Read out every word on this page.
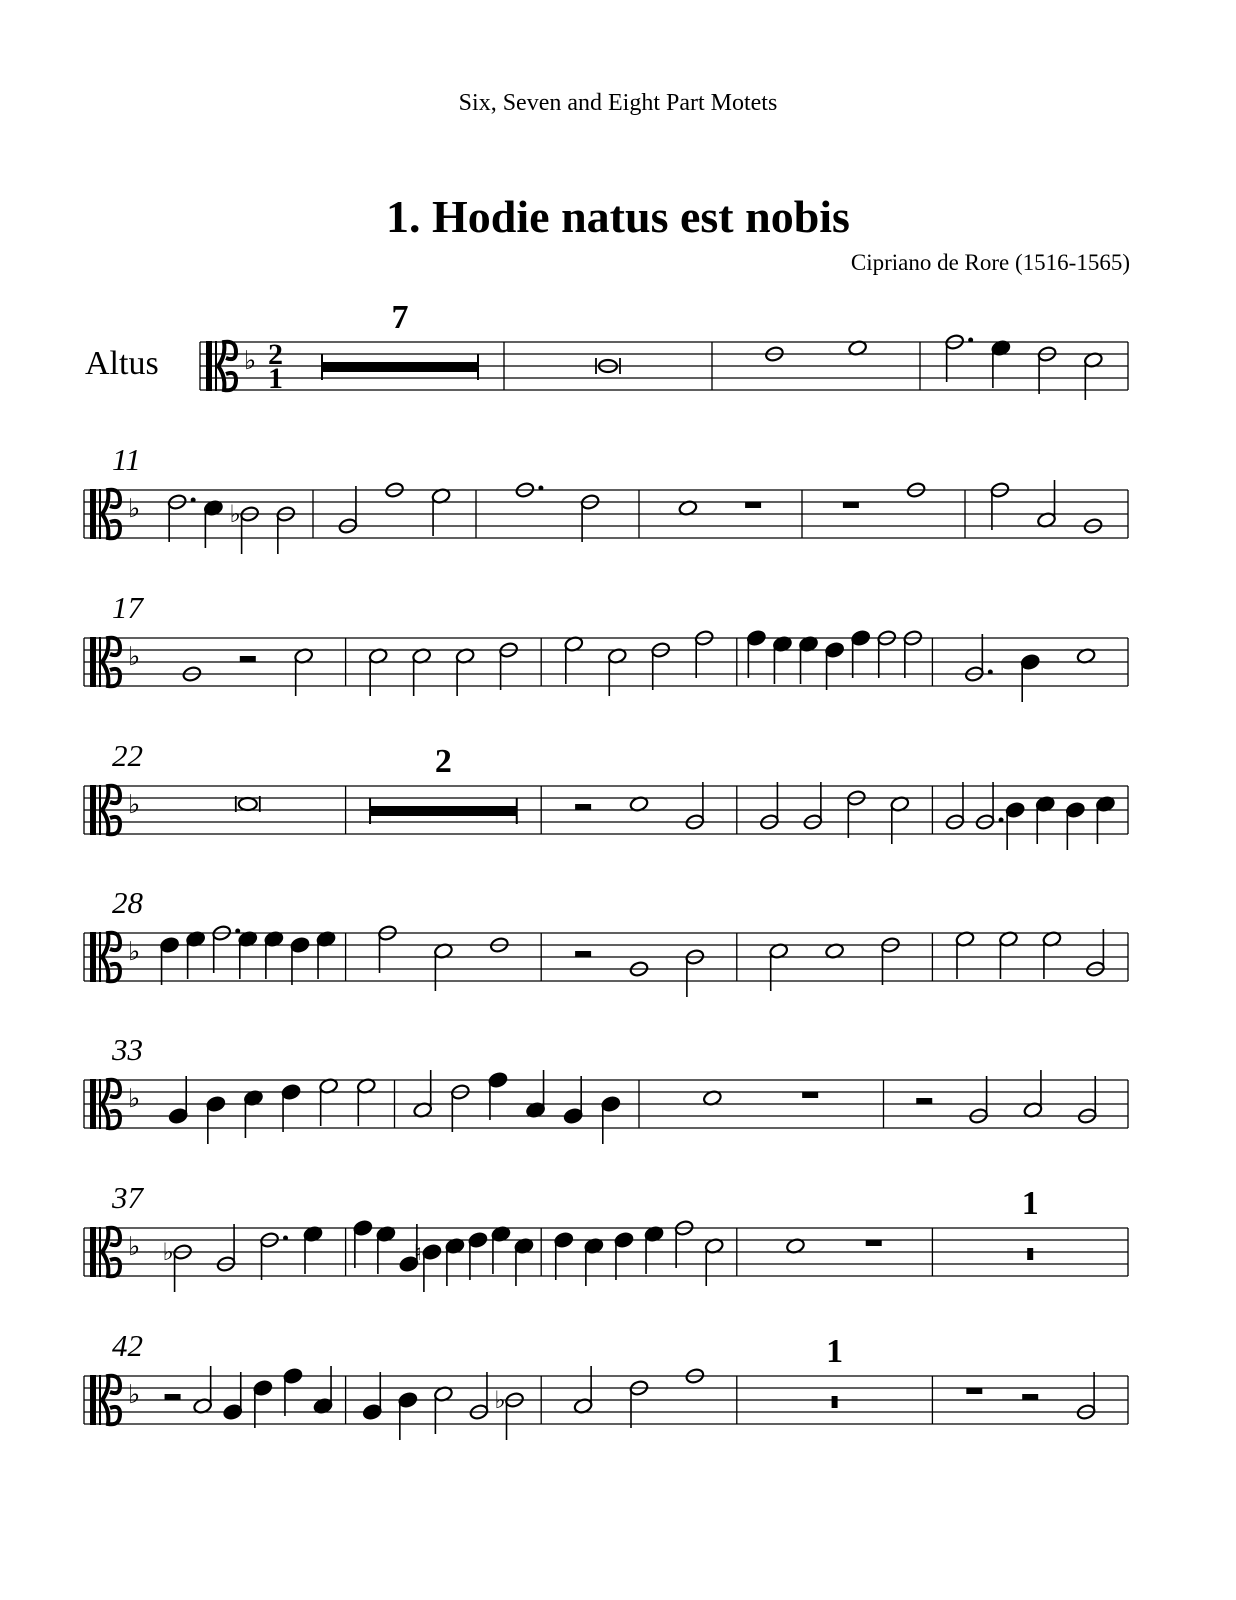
Six, Seven and Eight Part Motets
1. Hodie natus est nobis
Cipriano de Rore (1516-1565)
Altus	♭ 2
1
7
11
♭	♭
17
♭
22
♭
2
28
♭
33
♭
37
♭ ♭	♮
1
42
♭	♭
1
